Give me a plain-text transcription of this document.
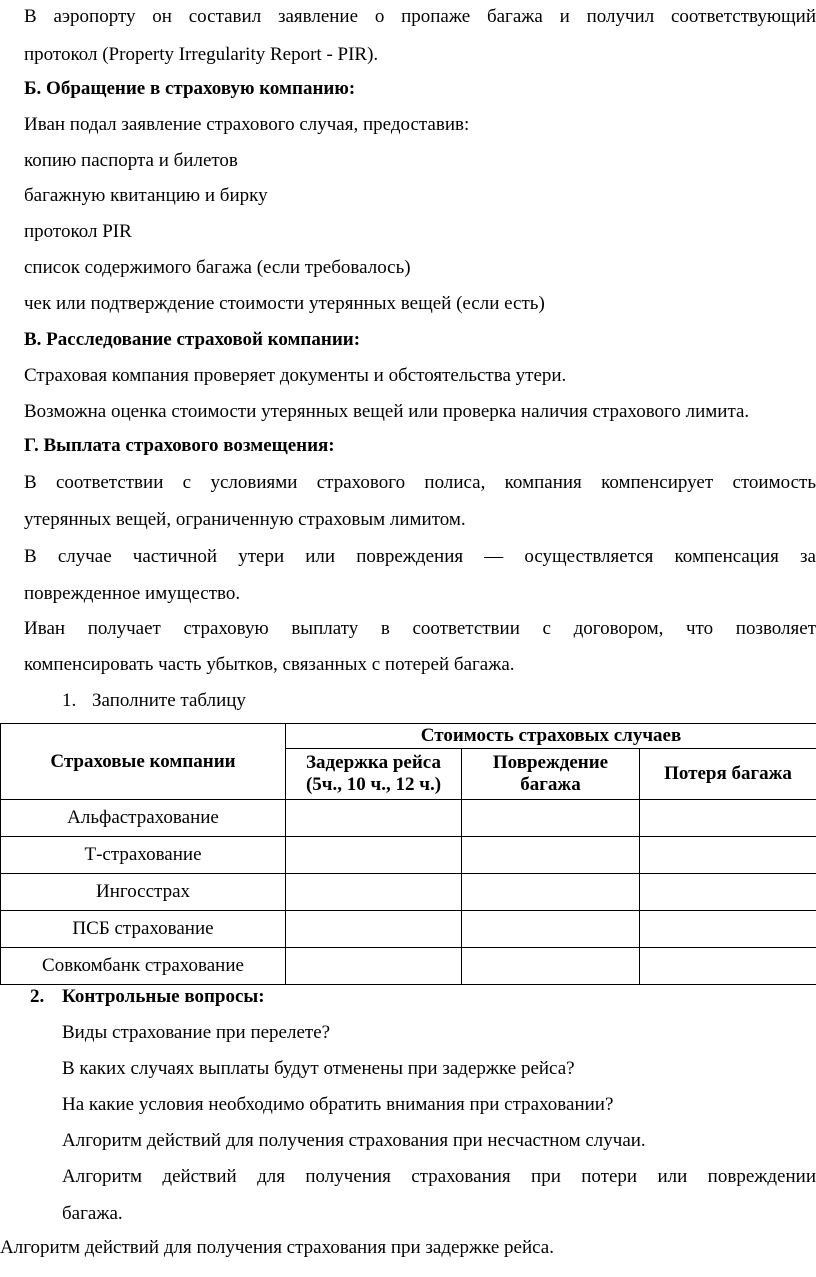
В аэропорту он составил заявление о пропаже багажа и получил соответствующий
протокол (Property Irregularity Report - PIR).
Б. Обращение в страховую компанию:
Иван подал заявление страхового случая, предоставив:
копию паспорта и билетов
багажную квитанцию и бирку
протокол PIR
список содержимого багажа (если требовалось)
чек или подтверждение стоимости утерянных вещей (если есть)
В. Расследование страховой компании:
Страховая компания проверяет документы и обстоятельства утери.
Возможна оценка стоимости утерянных вещей или проверка наличия страхового лимита.
Г. Выплата страхового возмещения:
В соответствии с условиями страхового полиса, компания компенсирует стоимость
утерянных вещей, ограниченную страховым лимитом.
В случае частичной утери или повреждения — осуществляется компенсация за
поврежденное имущество.
Иван получает страховую выплату в соответствии с договором, что позволяет
компенсировать часть убытков, связанных с потерей багажа.
1. Заполните таблицу
Страховые компании	Стоимость страховых случаев		
	Задержка рейса (5ч., 10 ч., 12 ч.)	Повреждение багажа	Потеря багажа
Альфастрахование			
Т-страхование			
Ингосстрах			
ПСБ страхование			
Совкомбанк страхование			
2. Контрольные вопросы:
Виды страхование при перелете?
В каких случаях выплаты будут отменены при задержке рейса?
На какие условия необходимо обратить внимания при страховании?
Алгоритм действий для получения страхования при несчастном случаи.
Алгоритм действий для получения страхования при потери или повреждении
багажа.
Алгоритм действий для получения страхования при задержке рейса.
